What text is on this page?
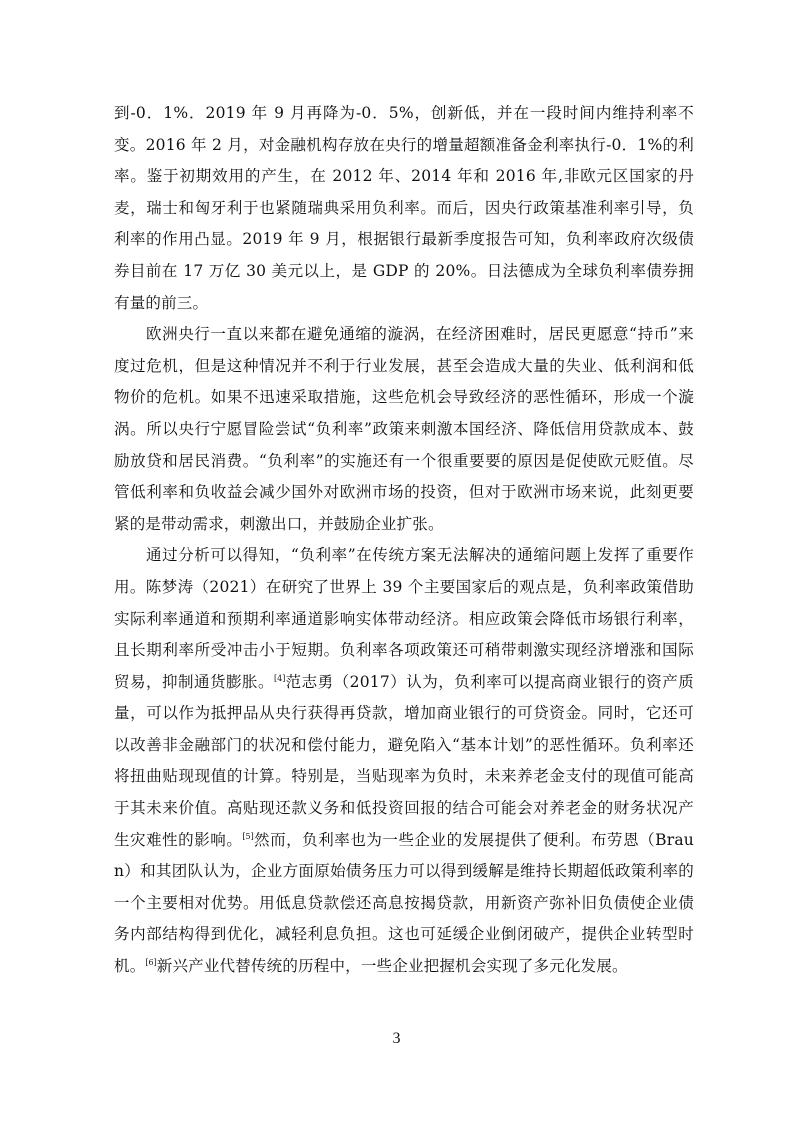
到-0．1%．2019 年 9 月再降为-0．5%，创新低，并在一段时间内维持利率不变。2016 年 2 月，对金融机构存放在央行的增量超额准备金利率执行-0．1%的利率。鉴于初期效用的产生，在 2012 年、2014 年和 2016 年,非欧元区国家的丹麦，瑞士和匈牙利于也紧随瑞典采用负利率。而后，因央行政策基准利率引导，负利率的作用凸显。2019 年 9 月，根据银行最新季度报告可知，负利率政府次级债券目前在 17 万亿 30 美元以上，是 GDP 的 20%。日法德成为全球负利率债券拥有量的前三。

欧洲央行一直以来都在避免通缩的漩涡，在经济困难时，居民更愿意“持币”来度过危机，但是这种情况并不利于行业发展，甚至会造成大量的失业、低利润和低物价的危机。如果不迅速采取措施，这些危机会导致经济的恶性循环，形成一个漩涡。所以央行宁愿冒险尝试“负利率”政策来刺激本国经济、降低信用贷款成本、鼓励放贷和居民消费。“负利率”的实施还有一个很重要要的原因是促使欧元贬值。尽管低利率和负收益会减少国外对欧洲市场的投资，但对于欧洲市场来说，此刻更要紧的是带动需求，刺激出口，并鼓励企业扩张。

通过分析可以得知，“负利率”在传统方案无法解决的通缩问题上发挥了重要作用。陈梦涛（2021）在研究了世界上 39 个主要国家后的观点是，负利率政策借助实际利率通道和预期利率通道影响实体带动经济。相应政策会降低市场银行利率，且长期利率所受冲击小于短期。负利率各项政策还可稍带刺激实现经济增涨和国际贸易，抑制通货膨胀。[4]范志勇（2017）认为，负利率可以提高商业银行的资产质量，可以作为抵押品从央行获得再贷款，增加商业银行的可贷资金。同时，它还可以改善非金融部门的状况和偿付能力，避免陷入“基本计划”的恶性循环。负利率还将扭曲贴现现值的计算。特别是，当贴现率为负时，未来养老金支付的现值可能高于其未来价值。高贴现还款义务和低投资回报的结合可能会对养老金的财务状况产生灾难性的影响。[5]然而，负利率也为一些企业的发展提供了便利。布劳恩（Braun）和其团队认为，企业方面原始债务压力可以得到缓解是维持长期超低政策利率的一个主要相对优势。用低息贷款偿还高息按揭贷款，用新资产弥补旧负债使企业债务内部结构得到优化，减轻利息负担。这也可延缓企业倒闭破产，提供企业转型时机。[6]新兴产业代替传统的历程中，一些企业把握机会实现了多元化发展。

3
